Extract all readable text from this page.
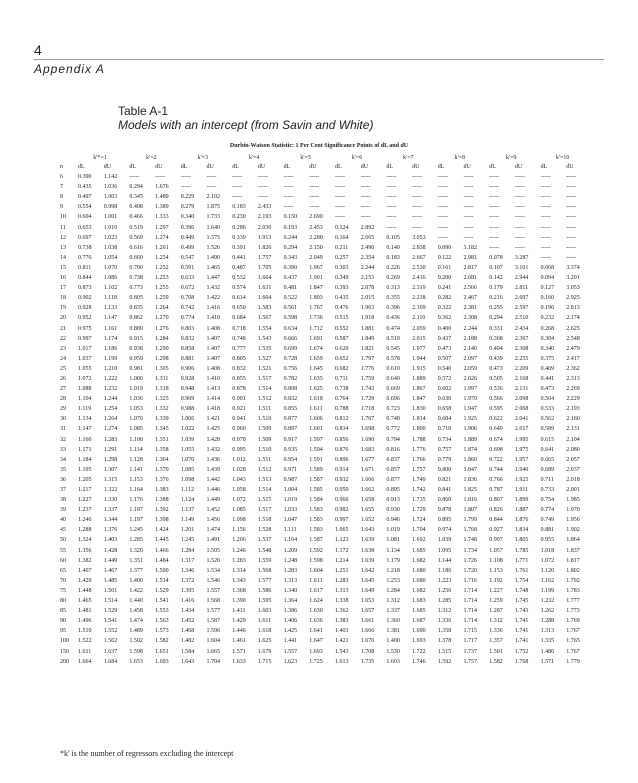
4
Appendix A
Table A-1
Models with an intercept (from Savin and White)
Durbin-Watson Statistic: 1 Per Cent Significance Points of dL and dU
k'*=1	k'=2	k'=3	k'=4	k'=5	k'=6	k'=7	k'=8	k'=9	k'=10
n	dL	dU	dL	dU	dL	dU	dL	dU	dL	dU	dL	dU	dL	dU	dL	dU	dL	dU	dL	dU
6	0.390 1.142 -----	-----	-----	-----	-----	-----	-----	-----	-----	-----	-----	-----	-----	-----	-----	-----	-----	-----
7	0.435 1.036 0.294 1.676 -----	-----	-----	-----	-----	-----	-----	-----	-----	-----	-----	-----	-----	-----	-----	-----
8	0.497 1.003 0.345 1.489 0.229 2.102 -----	-----	-----	-----	-----	-----	-----	-----	-----	-----	-----	-----	-----	-----
9	0.554 0.998 0.408 1.389 0.279 1.875 0.183 2.433 -----	-----	-----	-----	-----	-----	-----	-----	-----	-----	-----	-----
10 0.604 1.001 0.466 1.333 0.340 1.733 0.230 2.193 0.150 2.690 -----	-----	-----	-----	-----	-----	-----	-----	-----	-----
11 0.653 1.010 0.519 1.297 0.396 1.640 0.286 2.030 0.193 2.453 0.124 2.892 -----	-----	-----	-----	-----	-----	-----	-----
12 0.697 1.023 0.569 1.274 0.449 1.575 0.339 1.913 0.244 2.280 0.164 2.665 0.105 3.053 -----	-----	-----	-----	-----	-----
13 0.738 1.038 0.616 1.261 0.499 1.526 0.391 1.826 0.294 2.150 0.211 2.490 0.140 2.838 0.090 3.182 -----	-----	-----	-----
14 0.776 1.054 0.660 1.254 0.547 1.490 0.441 1.757 0.343 2.049 0.257 2.354 0.183 2.667 0.122 2.981 0.078 3.287 -----	-----
15 0.811 1.070 0.700 1.252 0.591 1.465 0.487 1.705 0.390 1.967 0.303 2.244 0.226 2.530 0.161 2.817 0.107 3.101 0.068 3.374
16 0.844 1.086 0.738 1.253 0.633 1.447 0.532 1.664 0.437 1.901 0.349 2.153 0.269 2.416 0.200 2.681 0.142 2.944 0.094 3.201
17 0.873 1.102 0.773 1.255 0.672 1.432 0.574 1.631 0.481 1.847 0.393 2.078 0.313 2.319 0.241 2.566 0.179 2.811 0.127 3.053
18 0.902 1.118 0.805 1.259 0.708 1.422 0.614 1.604 0.522 1.803 0.435 2.015 0.355 2.238 0.282 2.467 0.216 2.697 0.160 2.925
19 0.928 1.133 0.835 1.264 0.742 1.416 0.650 1.583 0.561 1.767 0.476 1.963 0.396 2.169 0.322 2.381 0.255 2.597 0.196 2.813
20 0.952 1.147 0.862 1.270 0.774 1.410 0.684 1.567 0.598 1.736 0.515 1.918 0.436 2.110 0.362 2.308 0.294 2.510 0.232 2.174
21 0.975 1.161 0.889 1.276 0.803 1.408 0.718 1.554 0.634 1.712 0.552 1.881 0.474 2.059 0.400 2.244 0.331 2.434 0.268 2.625
22 0.997 1.174 0.915 1.284 0.832 1.407 0.748 1.543 0.666 1.691 0.587 1.849 0.510 2.015 0.437 2.188 0.368 2.367 0.304 2.548
23 1.017 1.186 0.938 1.290 0.858 1.407 0.777 1.535 0.699 1.674 0.620 1.821 0.545 1.977 0.473 2.140 0.404 2.308 0.340 2.479
24 1.037 1.199 0.959 1.298 0.881 1.407 0.805 1.527 0.728 1.659 0.652 1.797 0.578 1.944 0.507 2.097 0.439 2.255 0.375 2.417
25 1.055 1.210 0.981 1.305 0.906 1.408 0.832 1.521 0.756 1.645 0.682 1.776 0.610 1.915 0.540 2.059 0.473 2.209 0.409 2.362
26 1.072 1.222 1.000 1.311 0.928 1.410 0.855 1.517 0.782 1.635 0.711 1.759 0.640 1.889 0.572 2.026 0.505 2.168 0.441 2.313
27 1.088 1.232 1.019 1.318 0.948 1.413 0.878 1.514 0.808 1.625 0.738 1.743 0.669 1.867 0.602 1.997 0.536 2.131 0.473 2.269
28 1.104 1.244 1.036 1.325 0.969 1.414 0.901 1.512 0.832 1.618 0.764 1.729 0.696 1.847 0.630 1.970 0.566 2.098 0.504 2.229
29 1.119 1.254 1.053 1.332 0.988 1.418 0.921 1.511 0.855 1.611 0.788 1.718 0.723 1.830 0.658 1.947 0.595 2.068 0.533 2.193
30 1.134 1.264 1.070 1.339 1.006 1.421 0.941 1.510 0.877 1.606 0.812 1.707 0.748 1.814 0.684 1.925 0.622 2.041 0.562 2.160
31 1.147 1.274 1.085 1.345 1.022 1.425 0.960 1.509 0.897 1.601 0.834 1.698 0.772 1.800 0.710 1.906 0.649 2.017 0.589 2.131
32 1.160 1.283 1.100 1.351 1.039 1.428 0.978 1.509 0.917 1.597 0.856 1.690 0.794 1.788 0.734 1.889 0.674 1.995 0.615 2.104
33 1.171 1.291 1.114 1.358 1.055 1.432 0.995 1.510 0.935 1.594 0.876 1.683 0.816 1.776 0.757 1.874 0.698 1.975 0.641 2.080
34 1.184 1.298 1.128 1.364 1.070 1.436 1.012 1.511 0.954 1.591 0.896 1.677 0.837 1.766 0.779 1.860 0.722 1.957 0.665 2.057
35 1.195 1.307 1.141 1.370 1.085 1.439 1.028 1.512 0.971 1.589 0.914 1.671 0.857 1.757 0.800 1.847 0.744 1.940 0.689 2.037
36 1.205 1.315 1.153 1.376 1.098 1.442 1.043 1.513 0.987 1.587 0.932 1.666 0.877 1.749 0.821 1.836 0.766 1.925 0.711 2.018
37 1.217 1.322 1.164 1.383 1.112 1.446 1.058 1.514 1.004 1.585 0.950 1.662 0.895 1.742 0.841 1.825 0.787 1.911 0.733 2.001
38 1.227 1.330 1.176 1.388 1.124 1.449 1.072 1.515 1.019 1.584 0.966 1.658 0.913 1.735 0.860 1.816 0.807 1.899 0.754 1.985
39 1.237 1.337 1.187 1.392 1.137 1.452 1.085 1.517 1.033 1.583 0.982 1.655 0.930 1.729 0.878 1.807 0.826 1.887 0.774 1.970
40 1.246 1.344 1.197 1.398 1.149 1.456 1.098 1.518 1.047 1.583 0.997 1.652 0.946 1.724 0.895 1.799 0.844 1.876 0.749 1.956
45 1.288 1.376 1.245 1.424 1.201 1.474 1.156 1.528 1.111 1.583 1.065 1.643 1.019 1.704 0.974 1.768 0.927 1.834 0.881 1.902
50 1.324 1.403 1.285 1.445 1.245 1.491 1.206 1.537 1.164 1.587 1.123 1.639 1.081 1.692 1.039 1.748 0.997 1.805 0.955 1.864
55 1.356 1.428 1.320 1.466 1.284 1.505 1.246 1.548 1.209 1.592 1.172 1.638 1.134 1.685 1.095 1.734 1.057 1.785 1.018 1.837
60 1.382 1.449 1.351 1.484 1.317 1.520 1.283 1.559 1.248 1.598 1.214 1.639 1.179 1.682 1.144 1.726 1.108 1.771 1.072 1.817
65 1.407 1.467 1.377 1.500 1.346 1.534 1.314 1.568 1.283 1.604 1.251 1.642 1.218 1.680 1.186 1.720 1.153 1.761 1.120 1.802
70 1.429 1.485 1.400 1.514 1.372 1.546 1.343 1.577 1.313 1.611 1.283 1.645 1.253 1.680 1.223 1.716 1.192 1.754 1.162 1.792
75 1.448 1.501 1.422 1.529 1.395 1.557 1.368 1.586 1.340 1.617 1.313 1.649 1.284 1.682 1.256 1.714 1.227 1.748 1.199 1.783
80 1.465 1.514 1.440 1.541 1.416 1.568 1.390 1.595 1.364 1.624 1.338 1.653 1.312 1.683 1.285 1.714 1.259 1.745 1.232 1.777
85 1.481 1.529 1.458 1.553 1.434 1.577 1.411 1.603 1.386 1.630 1.362 1.657 1.337 1.685 1.312 1.714 1.287 1.743 1.262 1.773
90 1.496 1.541 1.474 1.563 1.452 1.587 1.429 1.611 1.406 1.636 1.383 1.661 1.360 1.687 1.336 1.714 1.312 1.741 1.288 1.769
95 1.510 1.552 1.489 1.573 1.468 1.596 1.446 1.618 1.425 1.641 1.403 1.666 1.381 1.690 1.358 1.715 1.336 1.741 1.313 1.767
100 1.522 1.562 1.502 1.582 1.482 1.604 1.461 1.625 1.441 1.647 1.421 1.670 1.400 1.693 1.378 1.717 1.357 1.741 1.335 1.765
150 1.611 1.637 1.598 1.651 1.584 1.665 1.571 1.679 1.557 1.693 1.543 1.708 1.530 1.722 1.515 1.737 1.501 1.752 1.486 1.767
200 1.664 1.684 1.653 1.693 1.643 1.704 1.633 1.715 1.623 1.725 1.613 1.735 1.603 1.746 1.592 1.757 1.582 1.768 1.571 1.779
*k' is the number of regressors excluding the intercept
